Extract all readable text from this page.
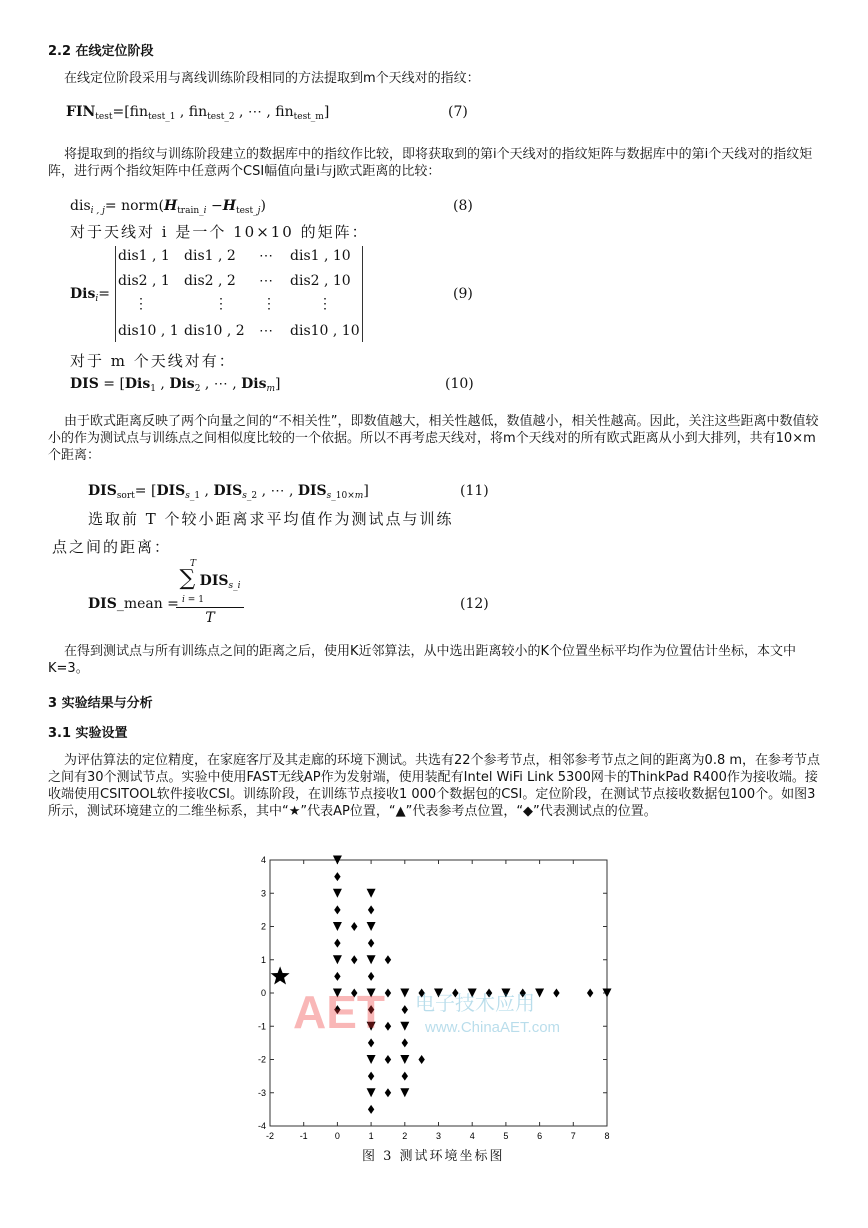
2.2 在线定位阶段
在线定位阶段采用与离线训练阶段相同的方法提取到m个天线对的指纹：
$FIN_{test}=[fin_{test\_1}$ , fin$_{test\_2}$ , ⋯ , fin$_{test\_m}$]	(7)
将提取到的指纹与训练阶段建立的数据库中的指纹作比较，即将获取到的第i个天线对的指纹矩阵与数据库中的第i个天线对的指纹矩阵，进行两个指纹矩阵中任意两个CSI幅值向量i与j欧式距离的比较：
$dis_{i , j}= norm(H_{train\_i} -H_{test\_j})$	(8)
对于天线对 i 是一个 10×10 的矩阵：
Dis$_i$=
dis1 , 1 dis1 , 2 ⋯ dis1 , 10
dis2 , 1 dis2 , 2 ⋯ dis2 , 10
⋮	⋮ ⋮	⋮
dis10 , 1 dis10 , 2 ⋯ dis10 , 10
(9)
对于 m 个天线对有：
DIS = [Dis$_1$ , Dis$_2$ , ⋯ , Dis$_m$]	(10)
由于欧式距离反映了两个向量之间的“不相关性”，即数值越大，相关性越低，数值越小，相关性越高。因此，关注这些距离中数值较小的作为测试点与训练点之间相似度比较的一个依据。所以不再考虑天线对，将m个天线对的所有欧式距离从小到大排列，共有10×m个距离：
$DIS_{sort}= [DIS_{s\_1}$ , $DIS_{s\_2}$ , ⋯ , $DIS_{s\_10\times m}$]	(11)
选取前 T 个较小距离求平均值作为测试点与训练
点之间的距离：
DIS_mean =
T
∑ $DIS_{s\_i}$
i = 1
T
(12)
在得到测试点与所有训练点之间的距离之后，使用K近邻算法，从中选出距离较小的K个位置坐标平均作为位置估计坐标，本文中K=3。
3 实验结果与分析
3.1 实验设置
为评估算法的定位精度，在家庭客厅及其走廊的环境下测试。共选有22个参考节点，相邻参考节点之间的距离为0.8 m，在参考节点之间有30个测试节点。实验中使用FAST无线AP作为发射端，使用装配有Intel WiFi Link 5300网卡的ThinkPad R400作为接收端。接收端使用CSITOOL软件接收CSI。训练阶段，在训练节点接收1 000个数据包的CSI。定位阶段，在测试节点接收数据包100个。如图3所示，测试环境建立的二维坐标系，其中“★”代表AP位置，“▲”代表参考点位置，“◆”代表测试点的位置。
-2	-1	0	1	2	3	4	5	6	7	8
-4
-3
-2
-1
0
1
2
3
4
AET 电子技术应用
www.ChinaAET.com
图 3 测试环境坐标图
